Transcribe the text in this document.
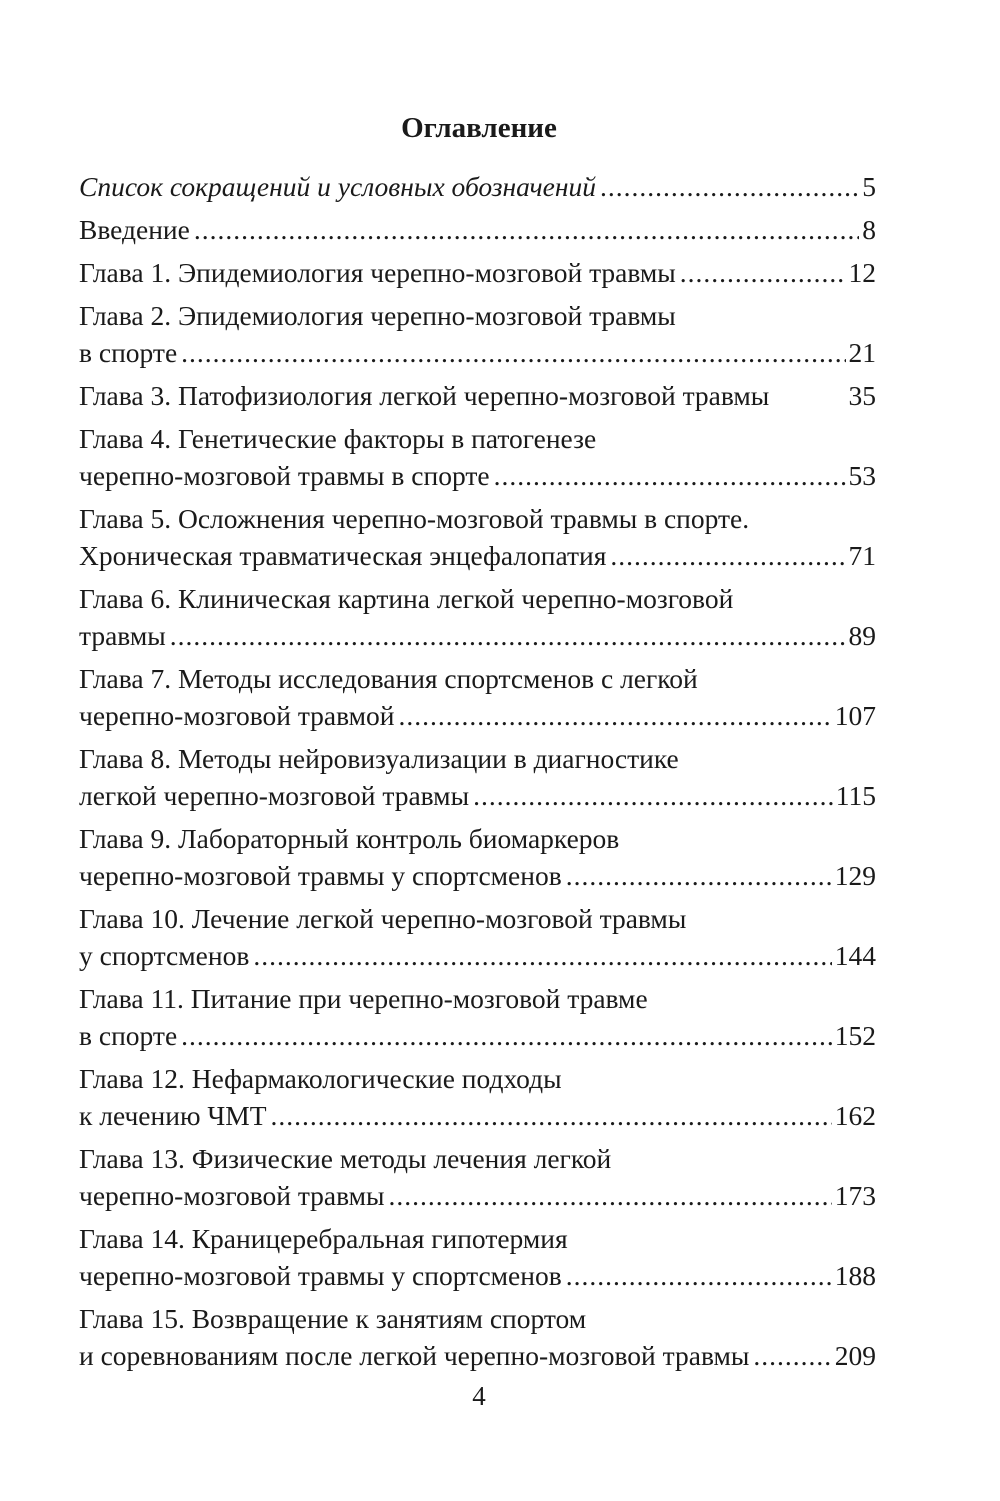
Оглавление
Список сокращений и условных обозначений .....	5
Введение .....	8
Глава 1. Эпидемиология черепно-мозговой травмы .....	12
Глава 2. Эпидемиология черепно-мозговой травмы
в спорте .....	21
Глава 3. Патофизиология легкой черепно-мозговой травмы	35
Глава 4. Генетические факторы в патогенезе
черепно-мозговой травмы в спорте .....	53
Глава 5. Осложнения черепно-мозговой травмы в спорте.
Хроническая травматическая энцефалопатия .....	71
Глава 6. Клиническая картина легкой черепно-мозговой
травмы .....	89
Глава 7. Методы исследования спортсменов с легкой
черепно-мозговой травмой .....	107
Глава 8. Методы нейровизуализации в диагностике
легкой черепно-мозговой травмы .....	115
Глава 9. Лабораторный контроль биомаркеров
черепно-мозговой травмы у спортсменов .....	129
Глава 10. Лечение легкой черепно-мозговой травмы
у спортсменов .....	144
Глава 11. Питание при черепно-мозговой травме
в спорте .....	152
Глава 12. Нефармакологические подходы
к лечению ЧМТ .....	162
Глава 13. Физические методы лечения легкой
черепно-мозговой травмы .....	173
Глава 14. Краницеребральная гипотермия
черепно-мозговой травмы у спортсменов .....	188
Глава 15. Возвращение к занятиям спортом
и соревнованиям после легкой черепно-мозговой травмы .....	209
4
